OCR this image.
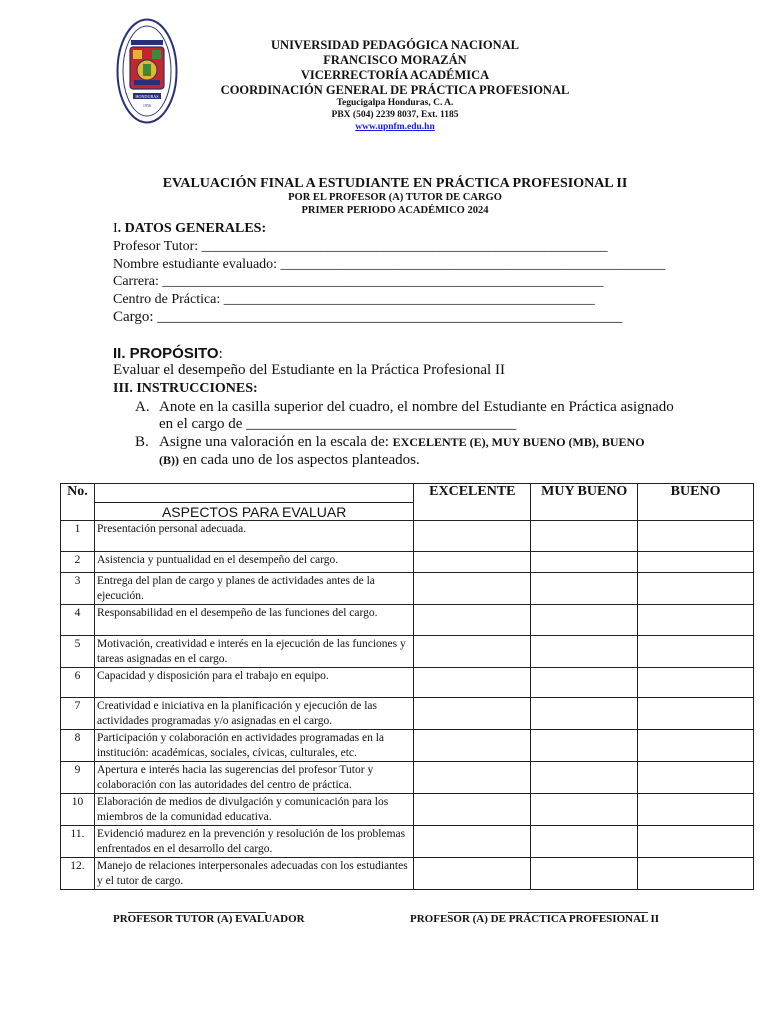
HONDURAS
1956
UNIVERSIDAD PEDAGÓGICA NACIONAL
FRANCISCO MORAZÁN
VICERRECTORÍA ACADÉMICA
COORDINACIÓN GENERAL DE PRÁCTICA PROFESIONAL
Tegucigalpa Honduras, C. A.
PBX (504) 2239 8037, Ext. 1185
www.upnfm.edu.hn
EVALUACIÓN FINAL A ESTUDIANTE EN PRÁCTICA PROFESIONAL II
POR EL PROFESOR (A) TUTOR DE CARGO
PRIMER PERIODO ACADÉMICO 2024
I. DATOS GENERALES:
Profesor Tutor: __________________________________________________________
Nombre estudiante evaluado: _______________________________________________________
Carrera: _______________________________________________________________
Centro de Práctica: _____________________________________________________
Cargo: ______________________________________________________________
II. PROPÓSITO:
Evaluar el desempeño del Estudiante en la Práctica Profesional II
III. INSTRUCCIONES:
A. Anote en la casilla superior del cuadro, el nombre del Estudiante en Práctica asignado
en el cargo de ____________________________________
B. Asigne una valoración en la escala de: EXCELENTE (E), MUY BUENO (MB), BUENO
(B)) en cada uno de los aspectos planteados.
No.		EXCELENTE	MUY BUENO	BUENO
	ASPECTOS PARA EVALUAR			
1	Presentación personal adecuada.			
2	Asistencia y puntualidad en el desempeño del cargo.			
3	Entrega del plan de cargo y planes de actividades antes de la ejecución.			
4	Responsabilidad en el desempeño de las funciones del cargo.			
5	Motivación, creatividad e interés en la ejecución de las funciones y tareas asignadas en el cargo.			
6	Capacidad y disposición para el trabajo en equipo.			
7	Creatividad e iniciativa en la planificación y ejecución de las actividades programadas y/o asignadas en el cargo.			
8	Participación y colaboración en actividades programadas en la institución: académicas, sociales, cívicas, culturales, etc.			
9	Apertura e interés hacia las sugerencias del profesor Tutor y colaboración con las autoridades del centro de práctica.			
10	Elaboración de medios de divulgación y comunicación para los miembros de la comunidad educativa.			
11.	Evidenció madurez en la prevención y resolución de los problemas enfrentados en el desarrollo del cargo.			
12.	Manejo de relaciones interpersonales adecuadas con los estudiantes y el tutor de cargo.			
PROFESOR TUTOR (A) EVALUADOR	PROFESOR (A) DE PRÁCTICA PROFESIONAL II
